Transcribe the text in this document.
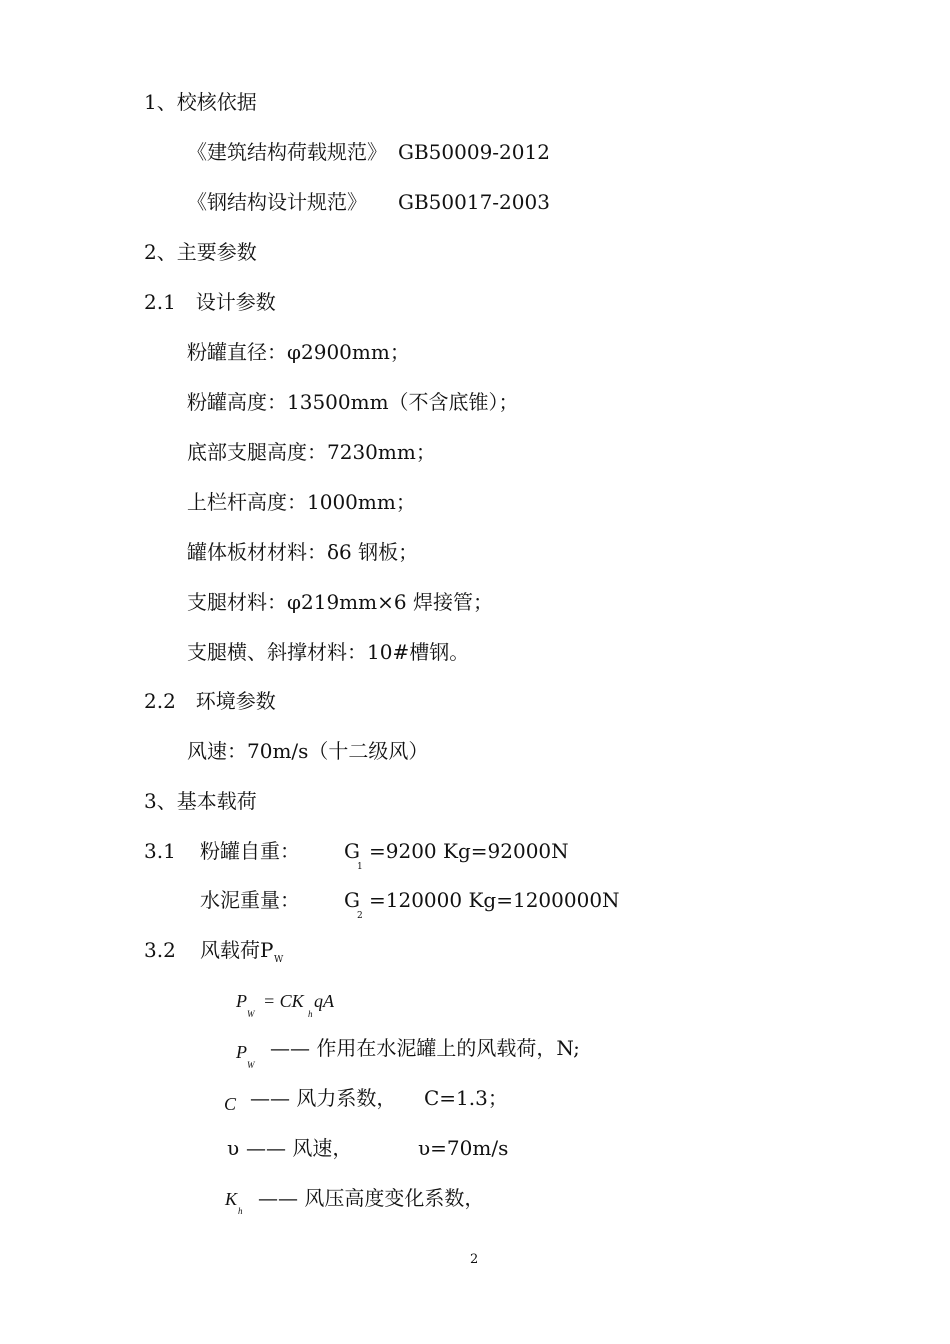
1、校核依据
《建筑结构荷载规范》 GB50009-2012
《钢结构设计规范》 GB50017-2003
2、主要参数
2.1　设计参数
粉罐直径：φ2900mm；
粉罐高度：13500mm（不含底锥）；
底部支腿高度：7230mm；
上栏杆高度：1000mm；
罐体板材材料：δ6 钢板；
支腿材料：φ219mm×6 焊接管；
支腿横、斜撑材料：10#槽钢。
2.2　环境参数
风速：70m/s（十二级风）
3、基本载荷
3.1 粉罐自重： G
1
=9200 Kg=92000N
水泥重量： G
2
=120000 Kg=1200000N
3.2 风载荷P W
P
W
= CK
h
qA
P
W
—— 作用在水泥罐上的风载荷，N;
C —— 风力系数， C=1.3；
υ —— 风速，	υ=70m/s
K
h
—— 风压高度变化系数，
2
